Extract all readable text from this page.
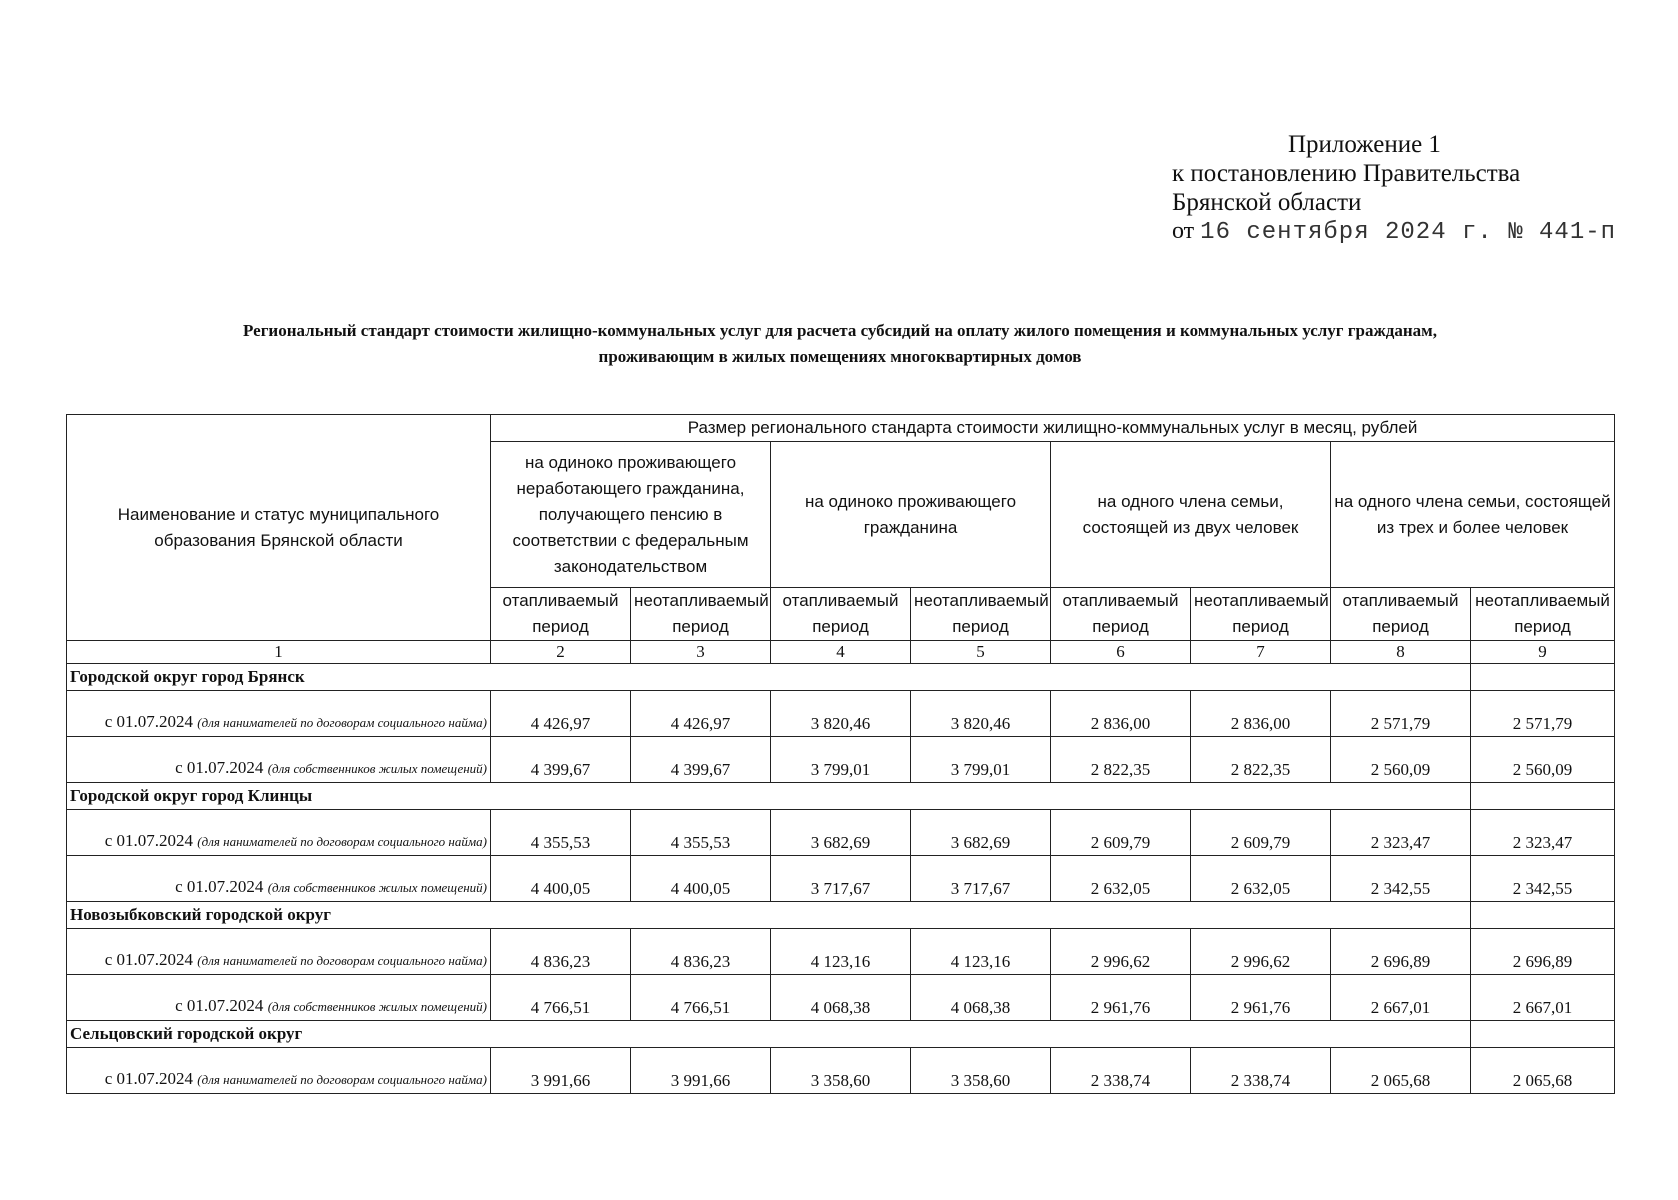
Приложение 1
к постановлению Правительства
Брянской области
от 16 сентября 2024 г. № 441-п
Региональный стандарт стоимости жилищно-коммунальных услуг для расчета субсидий на оплату жилого помещения и коммунальных услуг гражданам,
проживающим в жилых помещениях многоквартирных домов
Наименование и статус муниципального образования Брянской области	Размер регионального стандарта стоимости жилищно-коммунальных услуг в месяц, рублей							
	на одиноко проживающего неработающего гражданина, получающего пенсию в соответствии с федеральным законодательством		на одиноко проживающего гражданина		на одного члена семьи, состоящей из двух человек		на одного члена семьи, состоящей из трех и более человек	
	отапливаемый период	неотапливаемый период	отапливаемый период	неотапливаемый период	отапливаемый период	неотапливаемый период	отапливаемый период	неотапливаемый период
1	2	3	4	5	6	7	8	9
Городской округ город Брянск								
с 01.07.2024 (для нанимателей по договорам социального найма)	4 426,97	4 426,97	3 820,46	3 820,46	2 836,00	2 836,00	2 571,79	2 571,79
с 01.07.2024 (для собственников жилых помещений)	4 399,67	4 399,67	3 799,01	3 799,01	2 822,35	2 822,35	2 560,09	2 560,09
Городской округ город Клинцы								
с 01.07.2024 (для нанимателей по договорам социального найма)	4 355,53	4 355,53	3 682,69	3 682,69	2 609,79	2 609,79	2 323,47	2 323,47
с 01.07.2024 (для собственников жилых помещений)	4 400,05	4 400,05	3 717,67	3 717,67	2 632,05	2 632,05	2 342,55	2 342,55
Новозыбковский городской округ								
с 01.07.2024 (для нанимателей по договорам социального найма)	4 836,23	4 836,23	4 123,16	4 123,16	2 996,62	2 996,62	2 696,89	2 696,89
с 01.07.2024 (для собственников жилых помещений)	4 766,51	4 766,51	4 068,38	4 068,38	2 961,76	2 961,76	2 667,01	2 667,01
Сельцовский городской округ								
с 01.07.2024 (для нанимателей по договорам социального найма)	3 991,66	3 991,66	3 358,60	3 358,60	2 338,74	2 338,74	2 065,68	2 065,68
